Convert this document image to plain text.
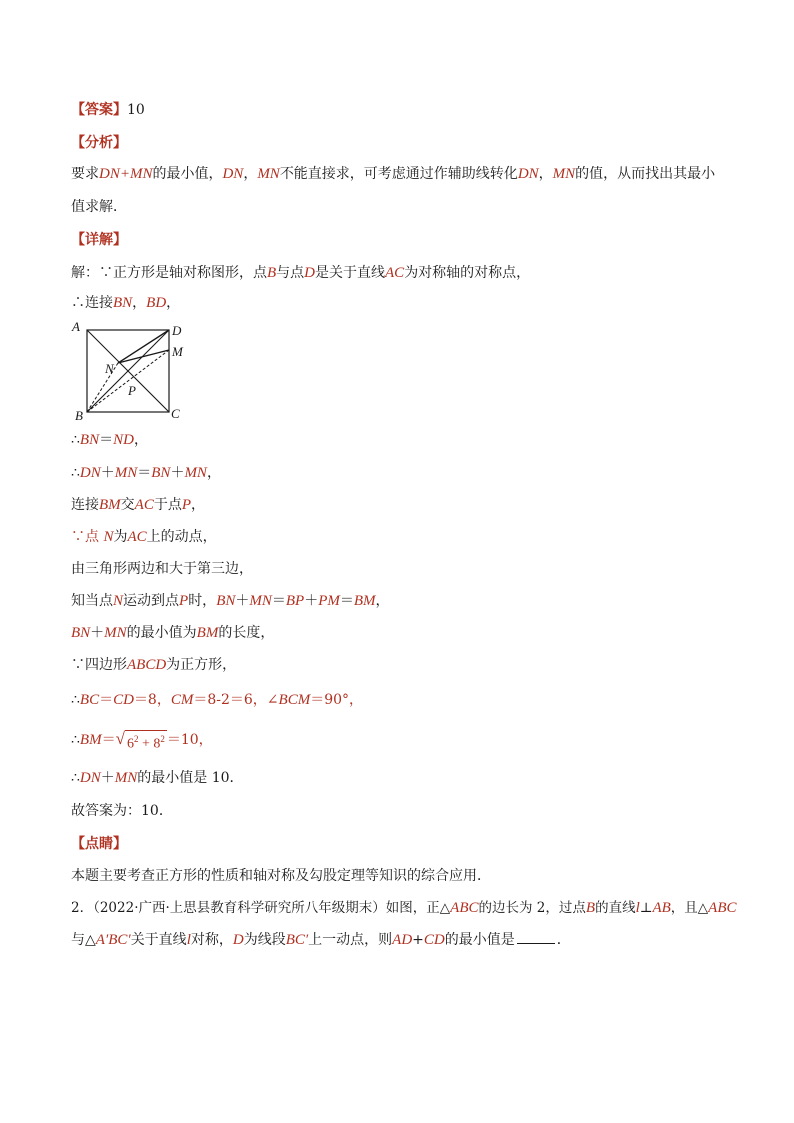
【答案】10
【分析】
要求DN+MN的最小值，DN，MN不能直接求，可考虑通过作辅助线转化DN，MN的值，从而找出其最小
值求解．
【详解】
解：∵正方形是轴对称图形，点B与点D是关于直线AC为对称轴的对称点，
∴连接BN，BD，
A	D
M
N
P
B	C
∴BN＝ND，
∴DN＋MN＝BN＋MN，
连接BM交AC于点P，
∵点 N为AC上的动点，
由三角形两边和大于第三边，
知当点N运动到点P时，BN＋MN＝BP＋PM＝BM，
BN＋MN的最小值为BM的长度，
∵四边形ABCD为正方形，
∴BC＝CD＝8，CM＝8-2＝6，∠BCM＝90°，
∴BM＝ √ $6^2 + 8^2 =10$，
∴DN＋MN的最小值是 10．
故答案为：10．
【点睛】
本题主要考查正方形的性质和轴对称及勾股定理等知识的综合应用．
2．（2022·广西·上思县教育科学研究所八年级期末）如图，正△ABC的边长为 2，过点B的直线l⊥AB，且△ABC
与△A′BC′关于直线l对称，D为线段BC′上一动点，则AD+CD的最小值是	．
